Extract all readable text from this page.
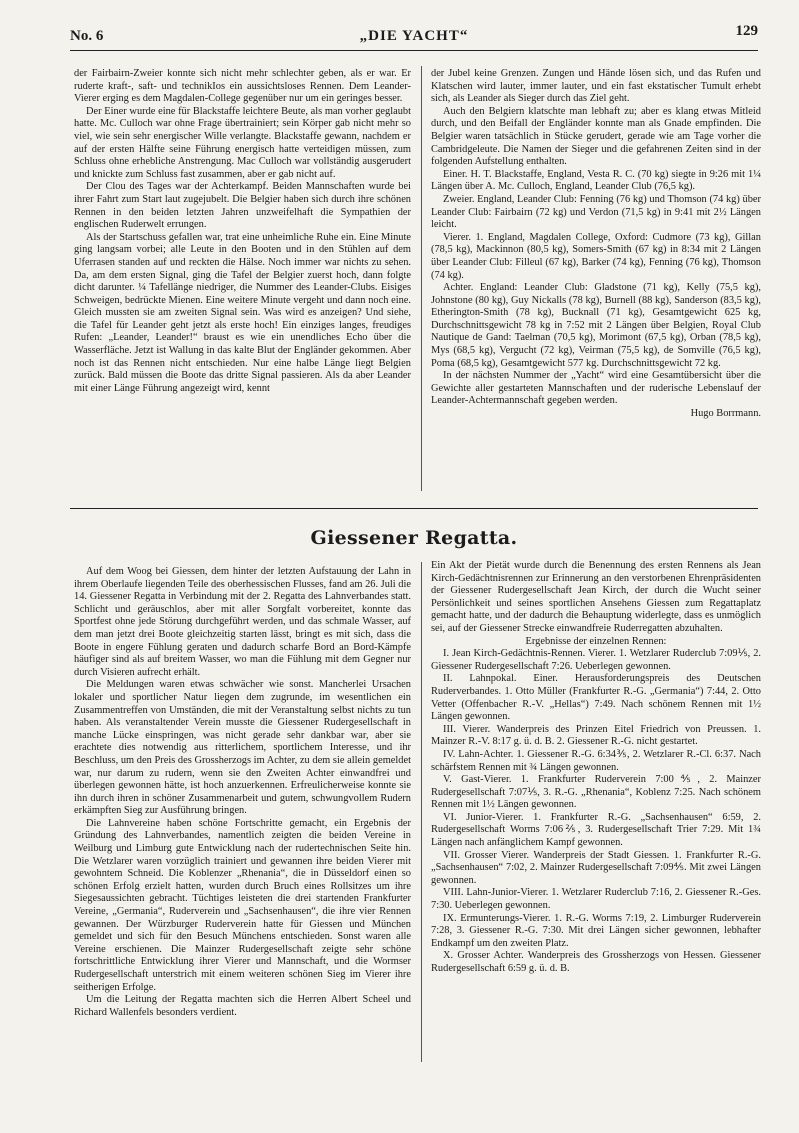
No. 6	„DIE YACHT“	129

der Fairbairn-Zweier konnte sich nicht mehr schlechter geben, als er war. Er ruderte kraft-, saft- und technikIos ein aussichtsloses Rennen. Dem Leander-Vierer erging es dem Magdalen-College gegenüber nur um ein geringes besser.

Der Einer wurde eine für Blackstaffe leichtere Beute, als man vorher geglaubt hatte. Mc. Culloch war ohne Frage übertrainiert; sein Körper gab nicht mehr so viel, wie sein sehr energischer Wille verlangte. Blackstaffe gewann, nachdem er auf der ersten Hälfte seine Führung energisch hatte verteidigen müssen, zum Schluss ohne erhebliche Anstrengung. Mac Culloch war vollständig ausgerudert und knickte zum Schluss fast zusammen, aber er gab nicht auf.

Der Clou des Tages war der Achterkampf. Beiden Mannschaften wurde bei ihrer Fahrt zum Start laut zugejubelt. Die Belgier haben sich durch ihre schönen Rennen in den beiden letzten Jahren unzweifelhaft die Sympathien der englischen Ruderwelt errungen.

Als der Startschuss gefallen war, trat eine unheimliche Ruhe ein. Eine Minute ging langsam vorbei; alle Leute in den Booten und in den Stühlen auf dem Uferrasen standen auf und reckten die Hälse. Noch immer war nichts zu sehen. Da, am dem ersten Signal, ging die Tafel der Belgier zuerst hoch, dann folgte dicht darunter. ¼ Tafellänge niedriger, die Nummer des Leander-Clubs. Eisiges Schweigen, bedrückte Mienen. Eine weitere Minute vergeht und dann noch eine. Gleich mussten sie am zweiten Signal sein. Was wird es anzeigen? Und siehe, die Tafel für Leander geht jetzt als erste hoch! Ein einziges langes, freudiges Rufen: „Leander, Leander!“ braust es wie ein unendliches Echo über die Wasserfläche. Jetzt ist Wallung in das kalte Blut der Engländer gekommen. Aber noch ist das Rennen nicht entschieden. Nur eine halbe Länge liegt Belgien zurück. Bald müssen die Boote das dritte Signal passieren. Als da aber Leander mit einer Länge Führung angezeigt wird, kennt

der Jubel keine Grenzen. Zungen und Hände lösen sich, und das Rufen und Klatschen wird lauter, immer lauter, und ein fast ekstatischer Tumult erhebt sich, als Leander als Sieger durch das Ziel geht.

Auch den Belgiern klatschte man lebhaft zu; aber es klang etwas Mitleid durch, und den Beifall der Engländer konnte man als Gnade empfinden. Die Belgier waren tatsächlich in Stücke gerudert, gerade wie am Tage vorher die Cambridgeleute. Die Namen der Sieger und die gefahrenen Zeiten sind in der folgenden Aufstellung enthalten.

Einer. H. T. Blackstaffe, England, Vesta R. C. (70 kg) siegte in 9:26 mit 1¼ Längen über A. Mc. Culloch, England, Leander Club (76,5 kg).

Zweier. England, Leander Club: Fenning (76 kg) und Thomson (74 kg) über Leander Club: Fairbairn (72 kg) und Verdon (71,5 kg) in 9:41 mit 2½ Längen leicht.

Vierer. 1. England, Magdalen College, Oxford: Cudmore (73 kg), Gillan (78,5 kg), Mackinnon (80,5 kg), Somers-Smith (67 kg) in 8:34 mit 2 Längen über Leander Club: Filleul (67 kg), Barker (74 kg), Fenning (76 kg), Thomson (74 kg).

Achter. England: Leander Club: Gladstone (71 kg), Kelly (75,5 kg), Johnstone (80 kg), Guy Nickalls (78 kg), Burnell (88 kg), Sanderson (83,5 kg), Etherington-Smith (78 kg), Bucknall (71 kg), Gesamtgewicht 625 kg, Durchschnittsgewicht 78 kg in 7:52 mit 2 Längen über Belgien, Royal Club Nautique de Gand: Taelman (70,5 kg), Morimont (67,5 kg), Orban (78,5 kg), Mys (68,5 kg), Vergucht (72 kg), Veirman (75,5 kg), de Somville (76,5 kg), Poma (68,5 kg), Gesamtgewicht 577 kg. Durchschnittsgewicht 72 kg.

In der nächsten Nummer der „Yacht“ wird eine Gesamtübersicht über die Gewichte aller gestarteten Mannschaften und der ruderische Lebenslauf der Leander-Achtermannschaft gegeben werden.

Hugo Borrmann.

Giessener Regatta.

Auf dem Woog bei Giessen, dem hinter der letzten Aufstauung der Lahn in ihrem Oberlaufe liegenden Teile des oberhessischen Flusses, fand am 26. Juli die 14. Giessener Regatta in Verbindung mit der 2. Regatta des Lahnverbandes statt. Schlicht und geräuschlos, aber mit aller Sorgfalt vorbereitet, konnte das Sportfest ohne jede Störung durchgeführt werden, und das schmale Wasser, auf dem man jetzt drei Boote gleichzeitig starten lässt, bringt es mit sich, dass die Boote in engere Fühlung geraten und dadurch scharfe Bord an Bord-Kämpfe häufiger sind als auf breitem Wasser, wo man die Fühlung mit dem Gegner nur durch Visieren aufrecht erhält.

Die Meldungen waren etwas schwächer wie sonst. Mancherlei Ursachen lokaler und sportlicher Natur liegen dem zugrunde, im wesentlichen ein Zusammentreffen von Umständen, die mit der Veranstaltung selbst nichts zu tun haben. Als veranstaltender Verein musste die Giessener Rudergesellschaft in manche Lücke einspringen, was nicht gerade sehr dankbar war, aber sie erachtete dies notwendig aus ritterlichem, sportlichem Interesse, und ihr Beschluss, um den Preis des Grossherzogs im Achter, zu dem sie allein gemeldet war, nur darum zu rudern, wenn sie den Zweiten Achter einwandfrei und überlegen gewonnen hätte, ist hoch anzuerkennen. Erfreulicherweise konnte sie ihn durch ihren in schöner Zusammenarbeit und gutem, schwungvollem Rudern erkämpften Sieg zur Ausführung bringen.

Die Lahnvereine haben schöne Fortschritte gemacht, ein Ergebnis der Gründung des Lahnverbandes, namentlich zeigten die beiden Vereine in Weilburg und Limburg gute Entwicklung nach der rudertechnischen Seite hin. Die Wetzlarer waren vorzüglich trainiert und gewannen ihre beiden Vierer mit gewohntem Schneid. Die Koblenzer „Rhenania“, die in Düsseldorf einen so schönen Erfolg erzielt hatten, wurden durch Bruch eines Rollsitzes um ihre Siegesaussichten gebracht. Tüchtiges leisteten die drei startenden Frankfurter Vereine, „Germania“, Ruderverein und „Sachsenhausen“, die ihre vier Rennen gewannen. Der Würzburger Ruderverein hatte für Giessen und München gemeldet und sich für den Besuch Münchens entschieden. Sonst waren alle Vereine erschienen. Die Mainzer Rudergesellschaft zeigte sehr schöne fortschrittliche Entwicklung ihrer Vierer und Mannschaft, und die Wormser Rudergesellschaft unterstrich mit einem weiteren schönen Sieg im Vierer ihre seitherigen Erfolge.

Um die Leitung der Regatta machten sich die Herren Albert Scheel und Richard Wallenfels besonders verdient.

Ein Akt der Pietät wurde durch die Benennung des ersten Rennens als Jean Kirch-Gedächtnisrennen zur Erinnerung an den verstorbenen Ehrenpräsidenten der Giessener Rudergesellschaft Jean Kirch, der durch die Wucht seiner Persönlichkeit und seines sportlichen Ansehens Giessen zum Regattaplatz gemacht hatte, und der dadurch die Behauptung widerlegte, dass es unmöglich sei, auf der Giessener Strecke einwandfreie Ruderregatten abzuhalten.

Ergebnisse der einzelnen Rennen:

I. Jean Kirch-Gedächtnis-Rennen. Vierer. 1. Wetzlarer Ruderclub 7:09⅕, 2. Giessener Rudergesellschaft 7:26. Ueberlegen gewonnen.

II. Lahnpokal. Einer. Herausforderungspreis des Deutschen Ruderverbandes. 1. Otto Müller (Frankfurter R.-G. „Germania“) 7:44, 2. Otto Vetter (Offenbacher R.-V. „Hellas“) 7:49. Nach schönem Rennen mit 1½ Längen gewonnen.

III. Vierer. Wanderpreis des Prinzen Eitel Friedrich von Preussen. 1. Mainzer R.-V. 8:17 g. ü. d. B. 2. Giessener R.-G. nicht gestartet.

IV. Lahn-Achter. 1. Giessener R.-G. 6:34⅗, 2. Wetzlarer R.-Cl. 6:37. Nach schärfstem Rennen mit ¾ Längen gewonnen.

V. Gast-Vierer. 1. Frankfurter Ruderverein 7:00⅘, 2. Mainzer Rudergesellschaft 7:07⅕, 3. R.-G. „Rhenania“, Koblenz 7:25. Nach schönem Rennen mit 1½ Längen gewonnen.

VI. Junior-Vierer. 1. Frankfurter R.-G. „Sachsenhausen“ 6:59, 2. Rudergesellschaft Worms 7:06⅖, 3. Rudergesellschaft Trier 7:29. Mit 1¾ Längen nach anfänglichem Kampf gewonnen.

VII. Grosser Vierer. Wanderpreis der Stadt Giessen. 1. Frankfurter R.-G. „Sachsenhausen“ 7:02, 2. Mainzer Rudergesellschaft 7:09⅘. Mit zwei Längen gewonnen.

VIII. Lahn-Junior-Vierer. 1. Wetzlarer Ruderclub 7:16, 2. Giessener R.-Ges. 7:30. Ueberlegen gewonnen.

IX. Ermunterungs-Vierer. 1. R.-G. Worms 7:19, 2. Limburger Ruderverein 7:28, 3. Giessener R.-G. 7:30. Mit drei Längen sicher gewonnen, lebhafter Endkampf um den zweiten Platz.

X. Grosser Achter. Wanderpreis des Grossherzogs von Hessen. Giessener Rudergesellschaft 6:59 g. ü. d. B.
